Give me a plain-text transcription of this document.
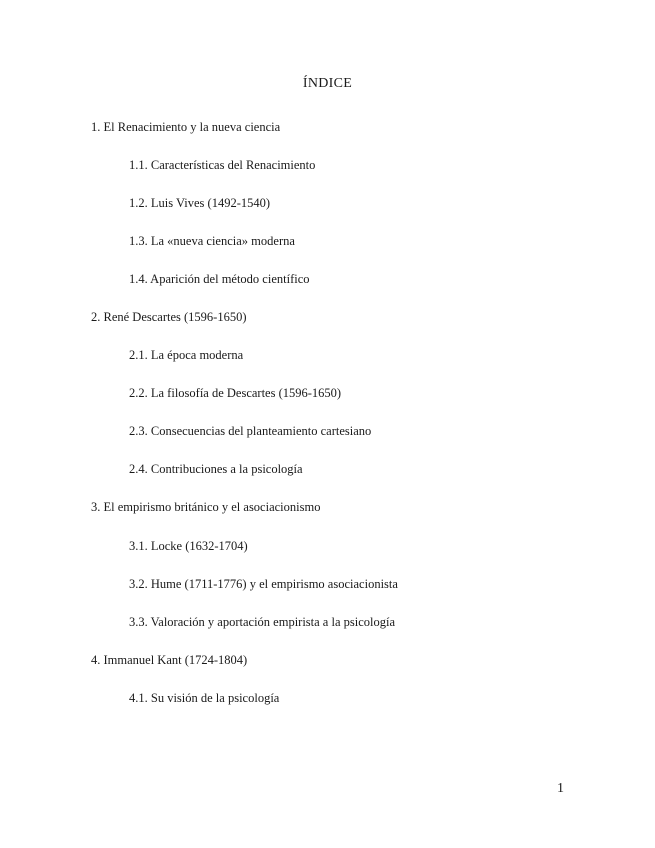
ÍNDICE
1. El Renacimiento y la nueva ciencia
1.1. Características del Renacimiento
1.2. Luis Vives (1492-1540)
1.3. La «nueva ciencia» moderna
1.4. Aparición del método científico
2. René Descartes (1596-1650)
2.1. La época moderna
2.2. La filosofía de Descartes (1596-1650)
2.3. Consecuencias del planteamiento cartesiano
2.4. Contribuciones a la psicología
3. El empirismo británico y el asociacionismo
3.1. Locke (1632-1704)
3.2. Hume (1711-1776) y el empirismo asociacionista
3.3. Valoración y aportación empirista a la psicología
4. Immanuel Kant (1724-1804)
4.1. Su visión de la psicología
1
